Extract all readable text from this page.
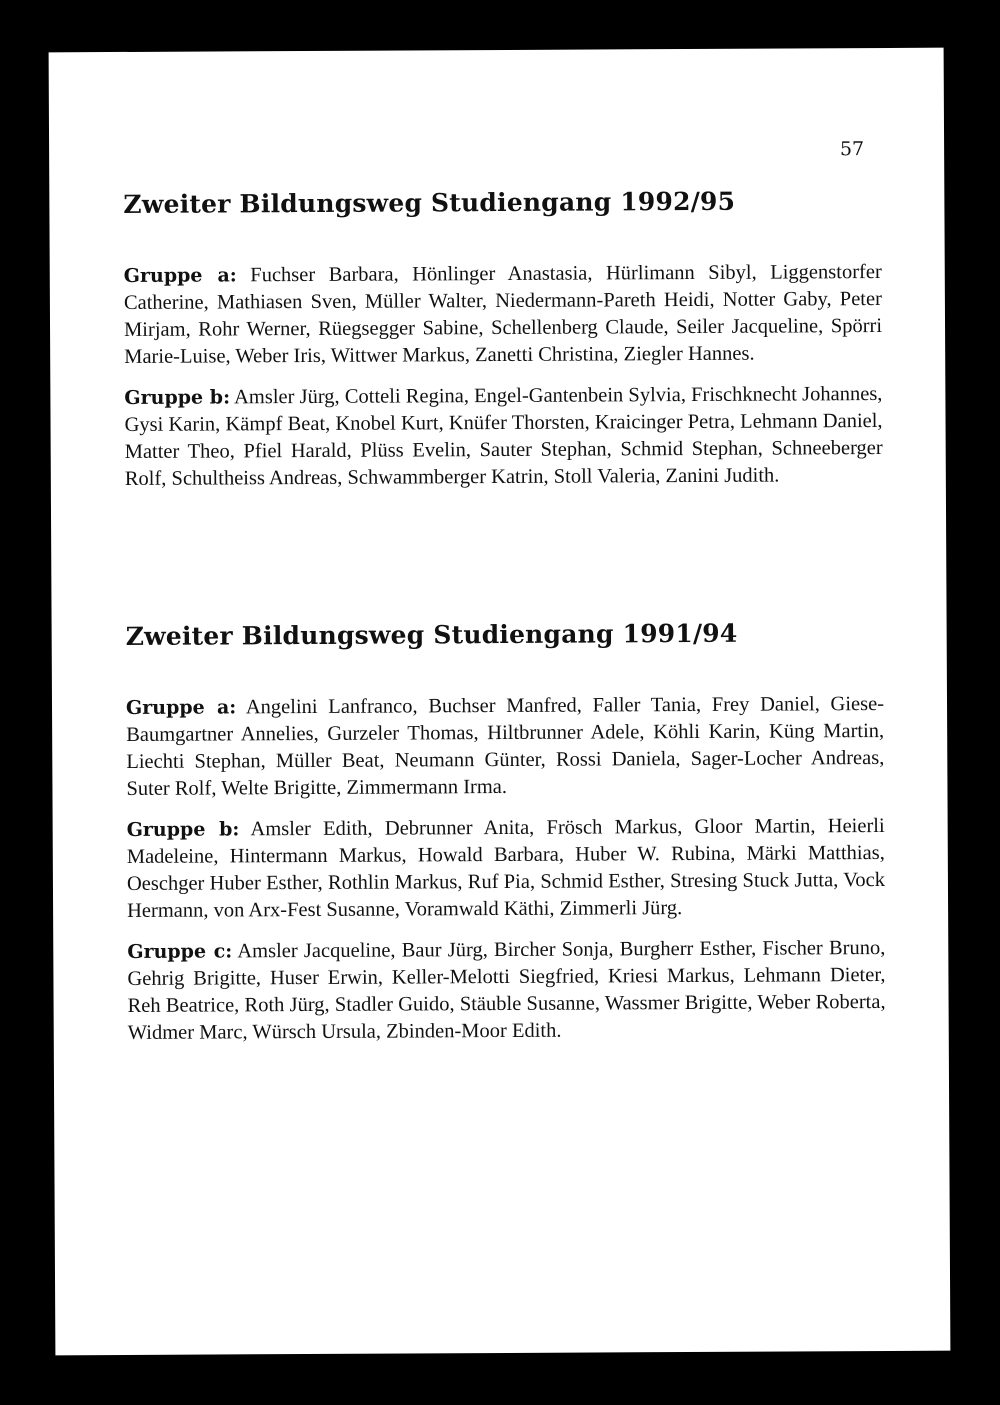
57
Zweiter Bildungsweg Studiengang 1992/95

Gruppe a: Fuchser Barbara, Hönlinger Anastasia, Hürlimann Sibyl, Liggenstorfer Catherine, Mathiasen Sven, Müller Walter, Niedermann-Pareth Heidi, Notter Gaby, Peter Mirjam, Rohr Werner, Rüegsegger Sabine, Schellenberg Claude, Seiler Jacqueline, Spörri Marie-Luise, Weber Iris, Wittwer Markus, Zanetti Christina, Ziegler Hannes.

Gruppe b: Amsler Jürg, Cotteli Regina, Engel-Gantenbein Sylvia, Frischknecht Johannes, Gysi Karin, Kämpf Beat, Knobel Kurt, Knüfer Thorsten, Kraicinger Petra, Lehmann Daniel, Matter Theo, Pfiel Harald, Plüss Evelin, Sauter Stephan, Schmid Stephan, Schneeberger Rolf, Schultheiss Andreas, Schwammberger Katrin, Stoll Valeria, Zanini Judith.

Zweiter Bildungsweg Studiengang 1991/94

Gruppe a: Angelini Lanfranco, Buchser Manfred, Faller Tania, Frey Daniel, Giese-Baumgartner Annelies, Gurzeler Thomas, Hiltbrunner Adele, Köhli Karin, Küng Martin, Liechti Stephan, Müller Beat, Neumann Günter, Rossi Daniela, Sager-Locher Andreas, Suter Rolf, Welte Brigitte, Zimmermann Irma.

Gruppe b: Amsler Edith, Debrunner Anita, Frösch Markus, Gloor Martin, Heierli Madeleine, Hintermann Markus, Howald Barbara, Huber W. Rubina, Märki Matthias, Oeschger Huber Esther, Rothlin Markus, Ruf Pia, Schmid Esther, Stresing Stuck Jutta, Vock Hermann, von Arx-Fest Susanne, Voramwald Käthi, Zimmerli Jürg.

Gruppe c: Amsler Jacqueline, Baur Jürg, Bircher Sonja, Burgherr Esther, Fischer Bruno, Gehrig Brigitte, Huser Erwin, Keller-Melotti Siegfried, Kriesi Markus, Lehmann Dieter, Reh Beatrice, Roth Jürg, Stadler Guido, Stäuble Susanne, Wassmer Brigitte, Weber Roberta, Widmer Marc, Würsch Ursula, Zbinden-Moor Edith.
